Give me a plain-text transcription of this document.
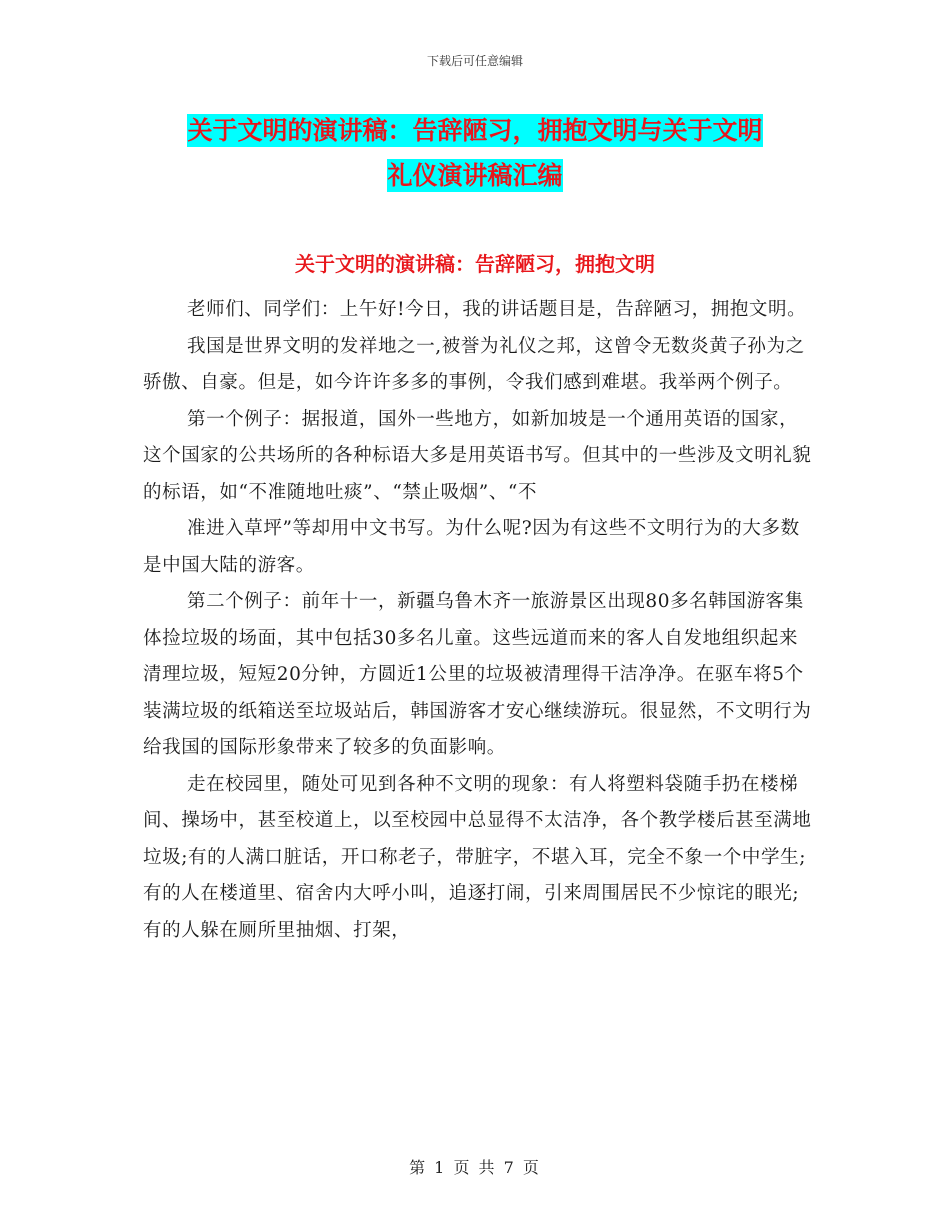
下载后可任意编辑
关于文明的演讲稿：告辞陋习，拥抱文明与关于文明
礼仪演讲稿汇编
关于文明的演讲稿：告辞陋习，拥抱文明

老师们、同学们：上午好!今日，我的讲话题目是，告辞陋习，拥抱文明。

我国是世界文明的发祥地之一,被誉为礼仪之邦，这曾令无数炎黄子孙为之骄傲、自豪。但是，如今许许多多的事例，令我们感到难堪。我举两个例子。

第一个例子：据报道，国外一些地方，如新加坡是一个通用英语的国家，这个国家的公共场所的各种标语大多是用英语书写。但其中的一些涉及文明礼貌的标语，如“不准随地吐痰”、“禁止吸烟”、“不

准进入草坪”等却用中文书写。为什么呢?因为有这些不文明行为的大多数是中国大陆的游客。

第二个例子：前年十一，新疆乌鲁木齐一旅游景区出现80多名韩国游客集体捡垃圾的场面，其中包括30多名儿童。这些远道而来的客人自发地组织起来清理垃圾，短短20分钟，方圆近1公里的垃圾被清理得干洁净净。在驱车将5个装满垃圾的纸箱送至垃圾站后，韩国游客才安心继续游玩。很显然，不文明行为给我国的国际形象带来了较多的负面影响。

走在校园里，随处可见到各种不文明的现象：有人将塑料袋随手扔在楼梯间、操场中，甚至校道上，以至校园中总显得不太洁净，各个教学楼后甚至满地垃圾;有的人满口脏话，开口称老子，带脏字，不堪入耳，完全不象一个中学生;有的人在楼道里、宿舍内大呼小叫，追逐打闹，引来周围居民不少惊诧的眼光;有的人躲在厕所里抽烟、打架，

第 1 页 共 7 页
